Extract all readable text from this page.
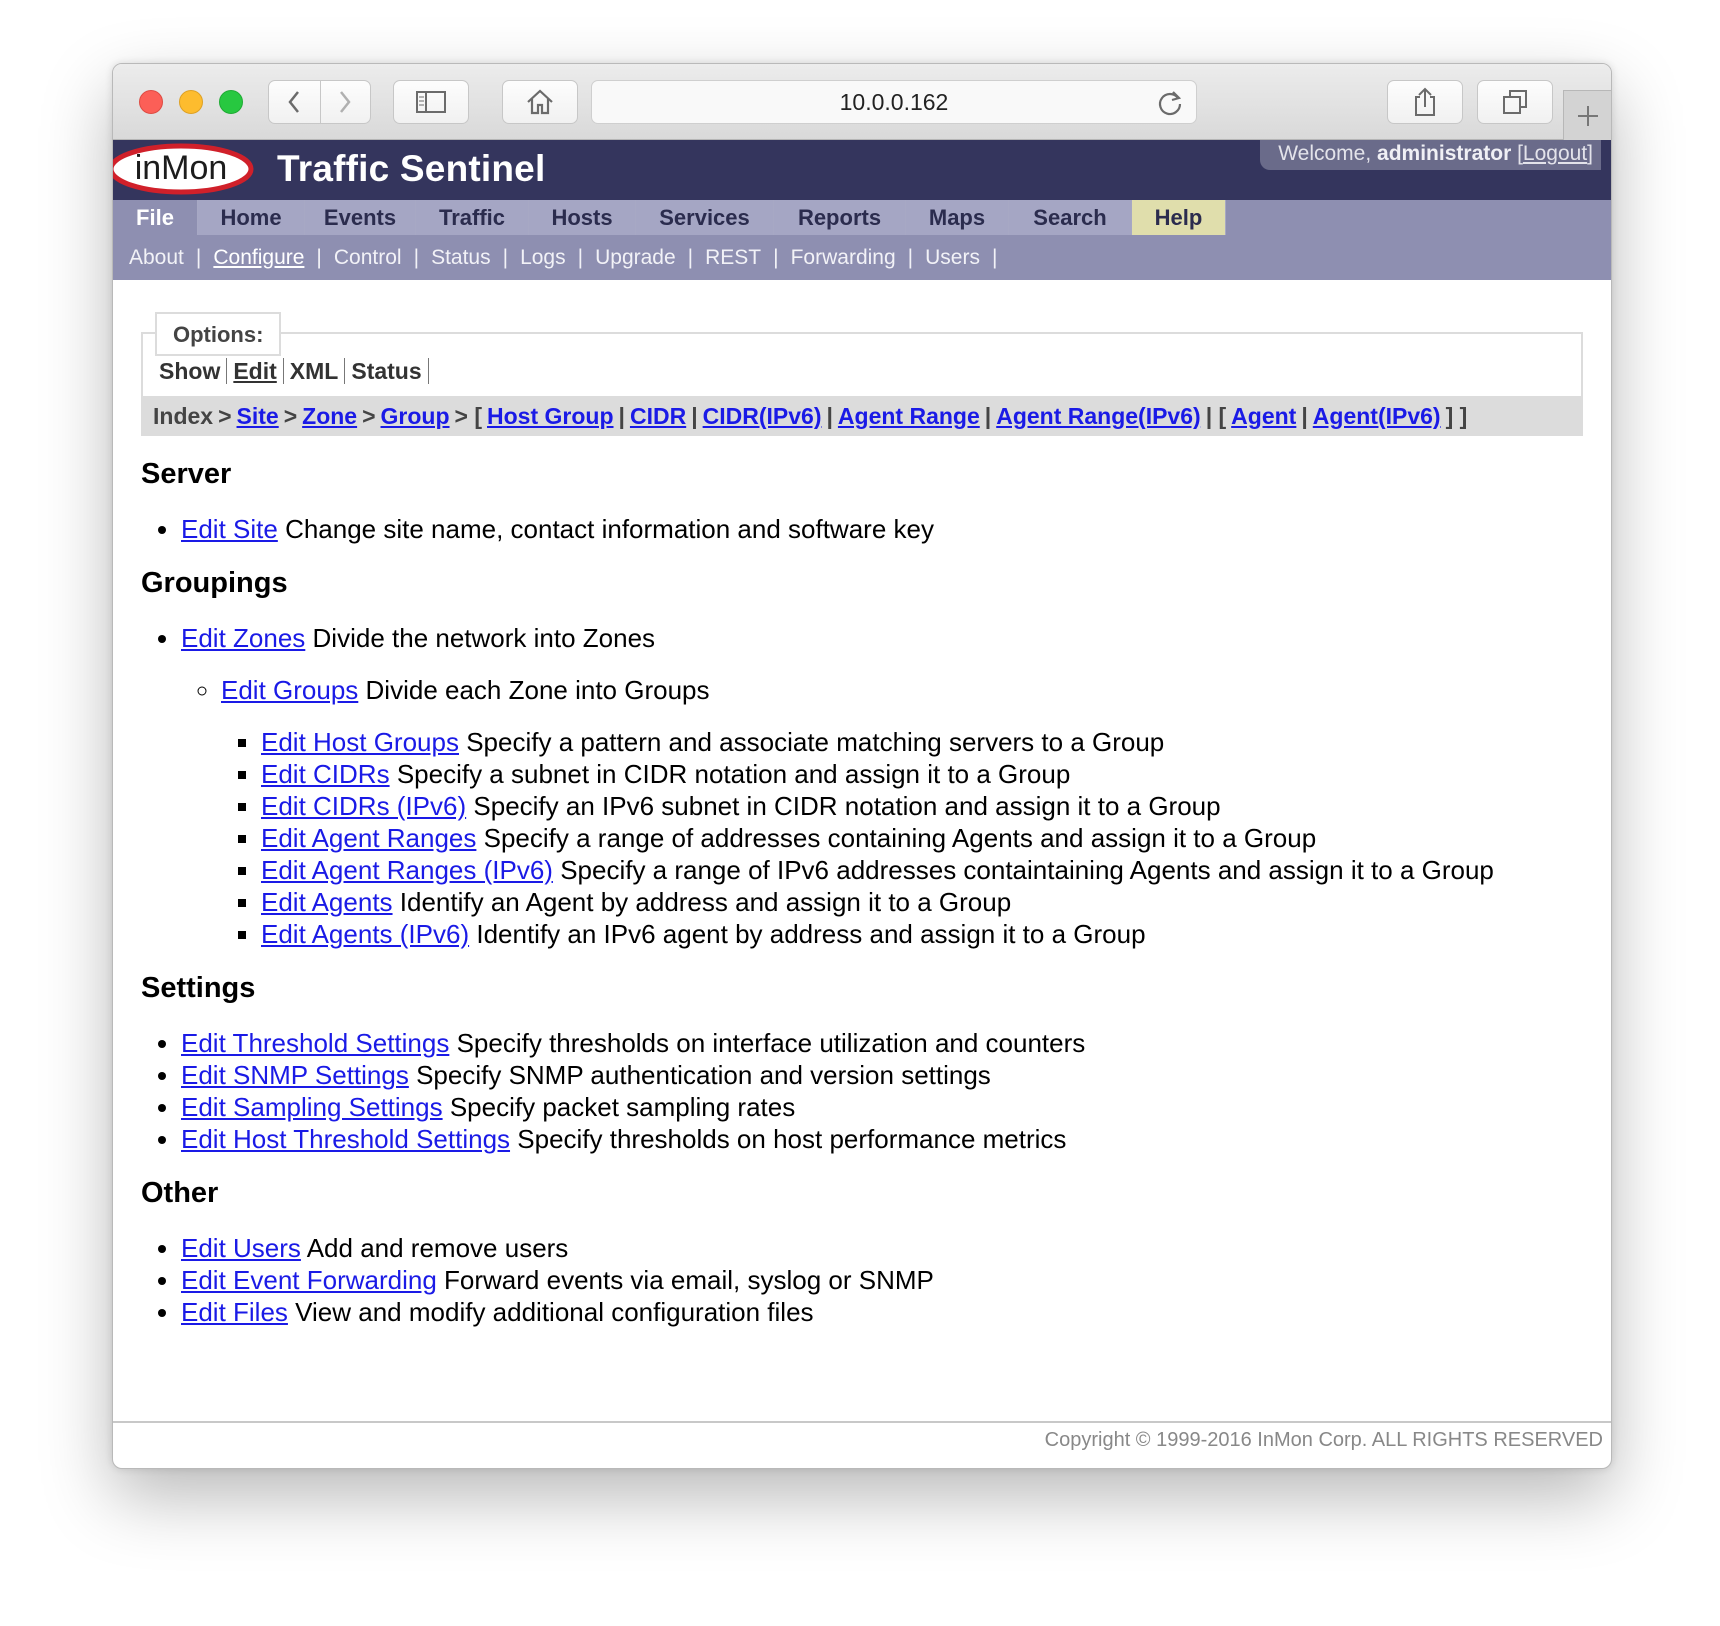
10.0.0.162
inMon Traffic Sentinel	Welcome, administrator [Logout]
File	Home	Events	Traffic	Hosts	Services	Reports	Maps	Search	Help
About | Configure | Control | Status | Logs | Upgrade | REST | Forwarding | Users |
Options:
Show Edit XML Status
Index > Site > Zone > Group > [ Host Group | CIDR | CIDR(IPv6) | Agent Range | Agent Range(IPv6) | [ Agent | Agent(IPv6) ] ]
Server
• Edit Site Change site name, contact information and software key
Groupings
• Edit Zones Divide the network into Zones
◦ Edit Groups Divide each Zone into Groups
▪ Edit Host Groups Specify a pattern and associate matching servers to a Group
▪ Edit CIDRs Specify a subnet in CIDR notation and assign it to a Group
▪ Edit CIDRs (IPv6) Specify an IPv6 subnet in CIDR notation and assign it to a Group
▪ Edit Agent Ranges Specify a range of addresses containing Agents and assign it to a Group
▪ Edit Agent Ranges (IPv6) Specify a range of IPv6 addresses containtaining Agents and assign it to a Group
▪ Edit Agents Identify an Agent by address and assign it to a Group
▪ Edit Agents (IPv6) Identify an IPv6 agent by address and assign it to a Group
Settings
• Edit Threshold Settings Specify thresholds on interface utilization and counters
• Edit SNMP Settings Specify SNMP authentication and version settings
• Edit Sampling Settings Specify packet sampling rates
• Edit Host Threshold Settings Specify thresholds on host performance metrics
Other
• Edit Users Add and remove users
• Edit Event Forwarding Forward events via email, syslog or SNMP
• Edit Files View and modify additional configuration files
Copyright © 1999-2016 InMon Corp. ALL RIGHTS RESERVED
